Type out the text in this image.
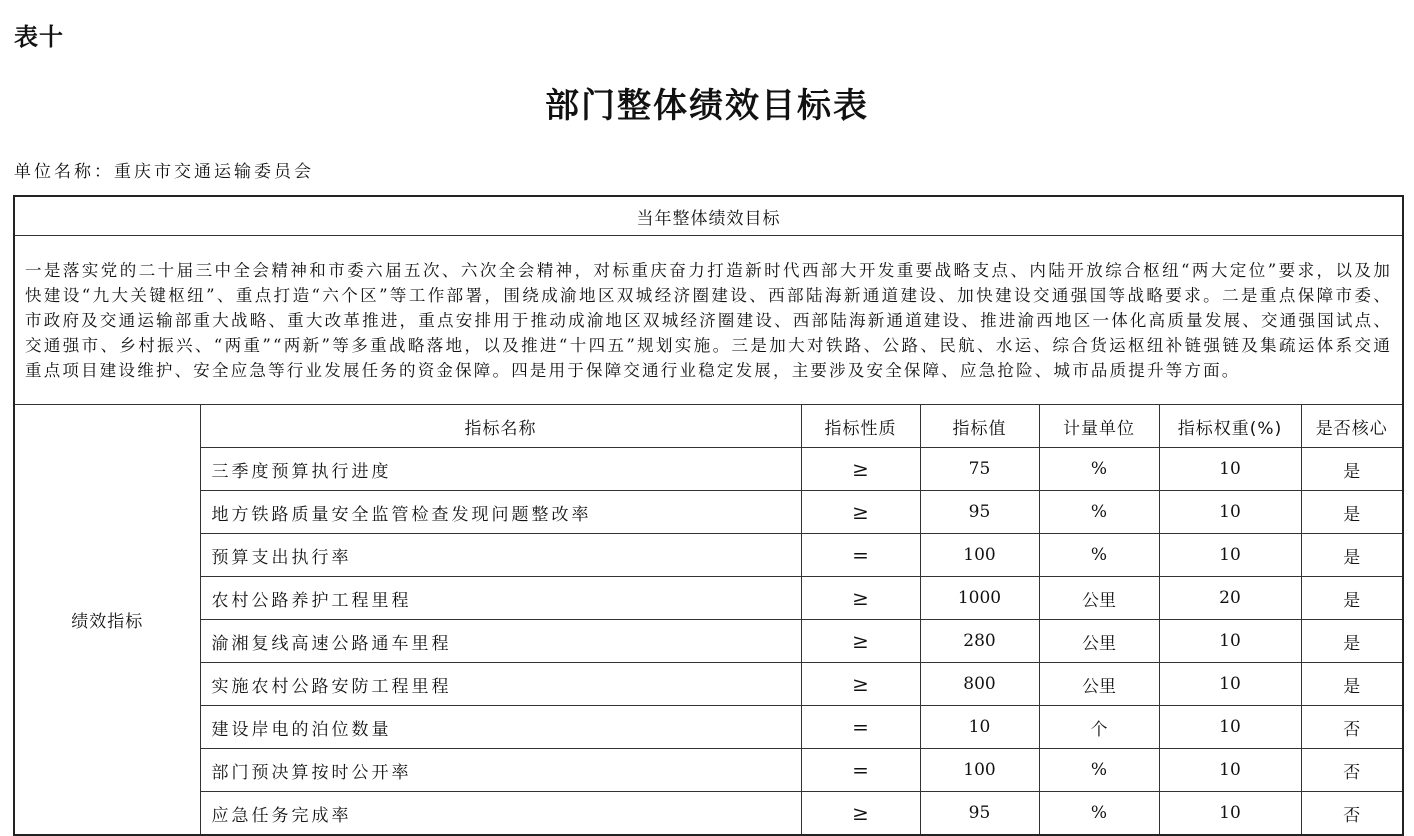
表十
部门整体绩效目标表
单位名称：重庆市交通运输委员会
当年整体绩效目标						
一是落实党的二十届三中全会精神和市委六届五次、六次全会精神，对标重庆奋力打造新时代西部大开发重要战略支点、内陆开放综合枢纽“两大定位”要求，以及加快建设“九大关键枢纽”、重点打造“六个区”等工作部署，围绕成渝地区双城经济圈建设、西部陆海新通道建设、加快建设交通强国等战略要求。二是重点保障市委、市政府及交通运输部重大战略、重大改革推进，重点安排用于推动成渝地区双城经济圈建设、西部陆海新通道建设、推进渝西地区一体化高质量发展、交通强国试点、交通强市、乡村振兴、“两重”“两新”等多重战略落地，以及推进“十四五”规划实施。三是加大对铁路、公路、民航、水运、综合货运枢纽补链强链及集疏运体系交通重点项目建设维护、安全应急等行业发展任务的资金保障。四是用于保障交通行业稳定发展，主要涉及安全保障、应急抢险、城市品质提升等方面。						
绩效指标	指标名称	指标性质	指标值	计量单位	指标权重(%)	是否核心
	三季度预算执行进度	≥	75	%	10	是
	地方铁路质量安全监管检查发现问题整改率	≥	95	%	10	是
	预算支出执行率	=	100	%	10	是
	农村公路养护工程里程	≥	1000	公里	20	是
	渝湘复线高速公路通车里程	≥	280	公里	10	是
	实施农村公路安防工程里程	≥	800	公里	10	是
	建设岸电的泊位数量	=	10	个	10	否
	部门预决算按时公开率	=	100	%	10	否
	应急任务完成率	≥	95	%	10	否
